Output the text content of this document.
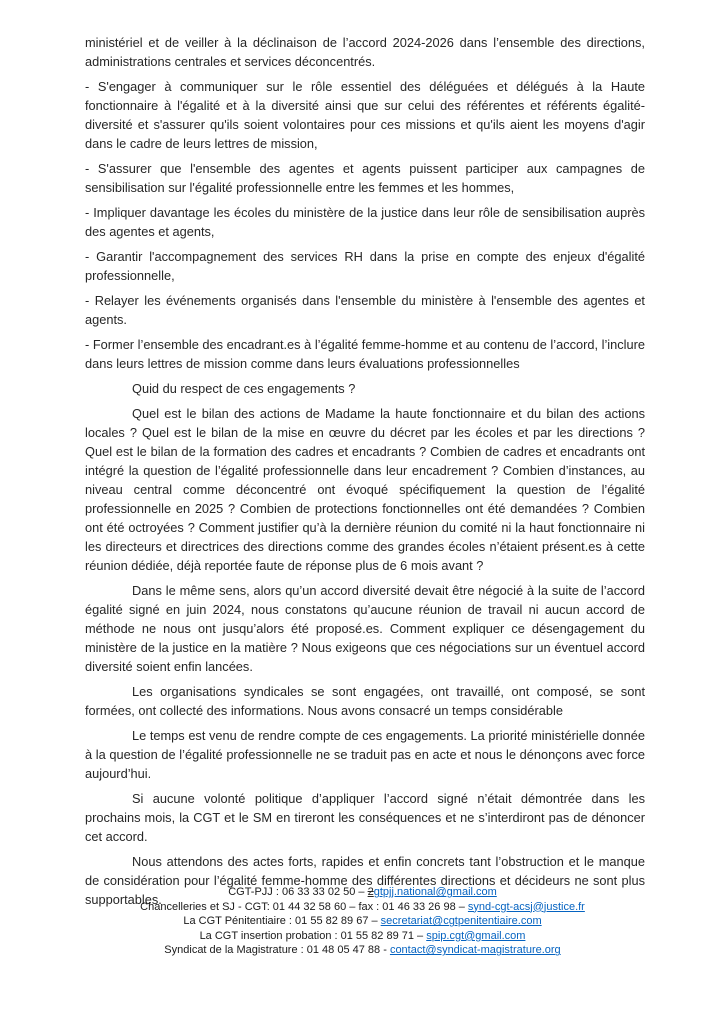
ministériel et de veiller à la déclinaison de l’accord 2024-2026 dans l’ensemble des directions, administrations centrales et services déconcentrés.

- S'engager à communiquer sur le rôle essentiel des déléguées et délégués à la Haute fonctionnaire à l'égalité et à la diversité ainsi que sur celui des référentes et référents égalité-diversité et s'assurer qu'ils soient volontaires pour ces missions et qu'ils aient les moyens d'agir dans le cadre de leurs lettres de mission,

- S'assurer que l'ensemble des agentes et agents puissent participer aux campagnes de sensibilisation sur l'égalité professionnelle entre les femmes et les hommes,

- Impliquer davantage les écoles du ministère de la justice dans leur rôle de sensibilisation auprès des agentes et agents,

- Garantir l'accompagnement des services RH dans la prise en compte des enjeux d'égalité professionnelle,

- Relayer les événements organisés dans l'ensemble du ministère à l'ensemble des agentes et agents.

- Former l’ensemble des encadrant.es à l’égalité femme-homme et au contenu de l’accord, l’inclure dans leurs lettres de mission comme dans leurs évaluations professionnelles

Quid du respect de ces engagements ?

Quel est le bilan des actions de Madame la haute fonctionnaire et du bilan des actions locales ? Quel est le bilan de la mise en œuvre du décret par les écoles et par les directions ? Quel est le bilan de la formation des cadres et encadrants ? Combien de cadres et encadrants ont intégré la question de l’égalité professionnelle dans leur encadrement ? Combien d’instances, au niveau central comme déconcentré ont évoqué spécifiquement la question de l’égalité professionnelle en 2025 ? Combien de protections fonctionnelles ont été demandées ? Combien ont été octroyées ? Comment justifier qu’à la dernière réunion du comité ni la haut fonctionnaire ni les directeurs et directrices des directions comme des grandes écoles n’étaient présent.es à cette réunion dédiée, déjà reportée faute de réponse plus de 6 mois avant ?

Dans le même sens, alors qu’un accord diversité devait être négocié à la suite de l’accord égalité signé en juin 2024, nous constatons qu’aucune réunion de travail ni aucun accord de méthode ne nous ont jusqu’alors été proposé.es. Comment expliquer ce désengagement du ministère de la justice en la matière ? Nous exigeons que ces négociations sur un éventuel accord diversité soient enfin lancées.

Les organisations syndicales se sont engagées, ont travaillé, ont composé, se sont formées, ont collecté des informations. Nous avons consacré un temps considérable

Le temps est venu de rendre compte de ces engagements. La priorité ministérielle donnée à la question de l’égalité professionnelle ne se traduit pas en acte et nous le dénonçons avec force aujourd’hui.

Si aucune volonté politique d’appliquer l’accord signé n’était démontrée dans les prochains mois, la CGT et le SM en tireront les conséquences et ne s’interdiront pas de dénoncer cet accord.

Nous attendons des actes forts, rapides et enfin concrets tant l’obstruction et le manque de considération pour l’égalité femme-homme des différentes directions et décideurs ne sont plus supportables.	CGT-PJJ : 06 33 33 02 50 – 2gtpjj.national@gmail.com
Chancelleries et SJ - CGT: 01 44 32 58 60 – fax : 01 46 33 26 98 – synd-cgt-acsj@justice.fr
La CGT Pénitentiaire : 01 55 82 89 67 – secretariat@cgtpenitentiaire.com
La CGT insertion probation : 01 55 82 89 71 – spip.cgt@gmail.com
Syndicat de la Magistrature : 01 48 05 47 88 - contact@syndicat-magistrature.org
